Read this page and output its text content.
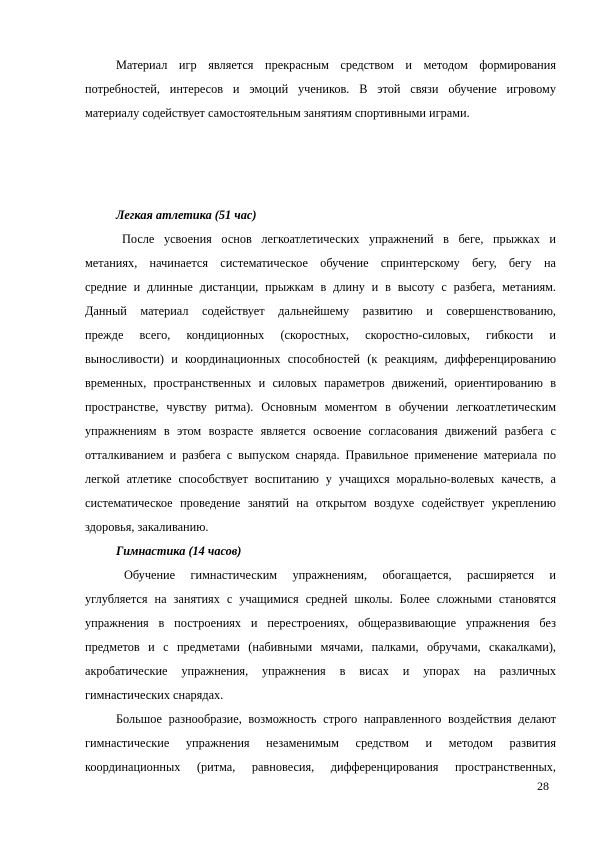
Материал игр является прекрасным средством и методом формирования
потребностей, интересов и эмоций учеников. В этой связи обучение игровому
материалу содействует самостоятельным занятиям спортивными играми.
Легкая атлетика (51 час)
После усвоения основ легкоатлетических упражнений в беге, прыжках и
метаниях, начинается систематическое обучение спринтерскому бегу, бегу на
средние и длинные дистанции, прыжкам в длину и в высоту с разбега, метаниям.
Данный материал содействует дальнейшему развитию и совершенствованию,
прежде всего, кондиционных (скоростных, скоростно-силовых, гибкости и
выносливости) и координационных способностей (к реакциям, дифференцированию
временных, пространственных и силовых параметров движений, ориентированию в
пространстве, чувству ритма). Основным моментом в обучении легкоатлетическим
упражнениям в этом возрасте является освоение согласования движений разбега с
отталкиванием и разбега с выпуском снаряда. Правильное применение материала по
легкой атлетике способствует воспитанию у учащихся морально-волевых качеств, а
систематическое проведение занятий на открытом воздухе содействует укреплению
здоровья, закаливанию.
Гимнастика (14 часов)
Обучение гимнастическим упражнениям, обогащается, расширяется и
углубляется на занятиях с учащимися средней школы. Более сложными становятся
упражнения в построениях и перестроениях, общеразвивающие упражнения без
предметов и с предметами (набивными мячами, палками, обручами, скакалками),
акробатические упражнения, упражнения в висах и упорах на различных
гимнастических снарядах.
Большое разнообразие, возможность строго направленного воздействия делают
гимнастические упражнения незаменимым средством и методом развития
координационных (ритма, равновесия, дифференцирования пространственных,
28
